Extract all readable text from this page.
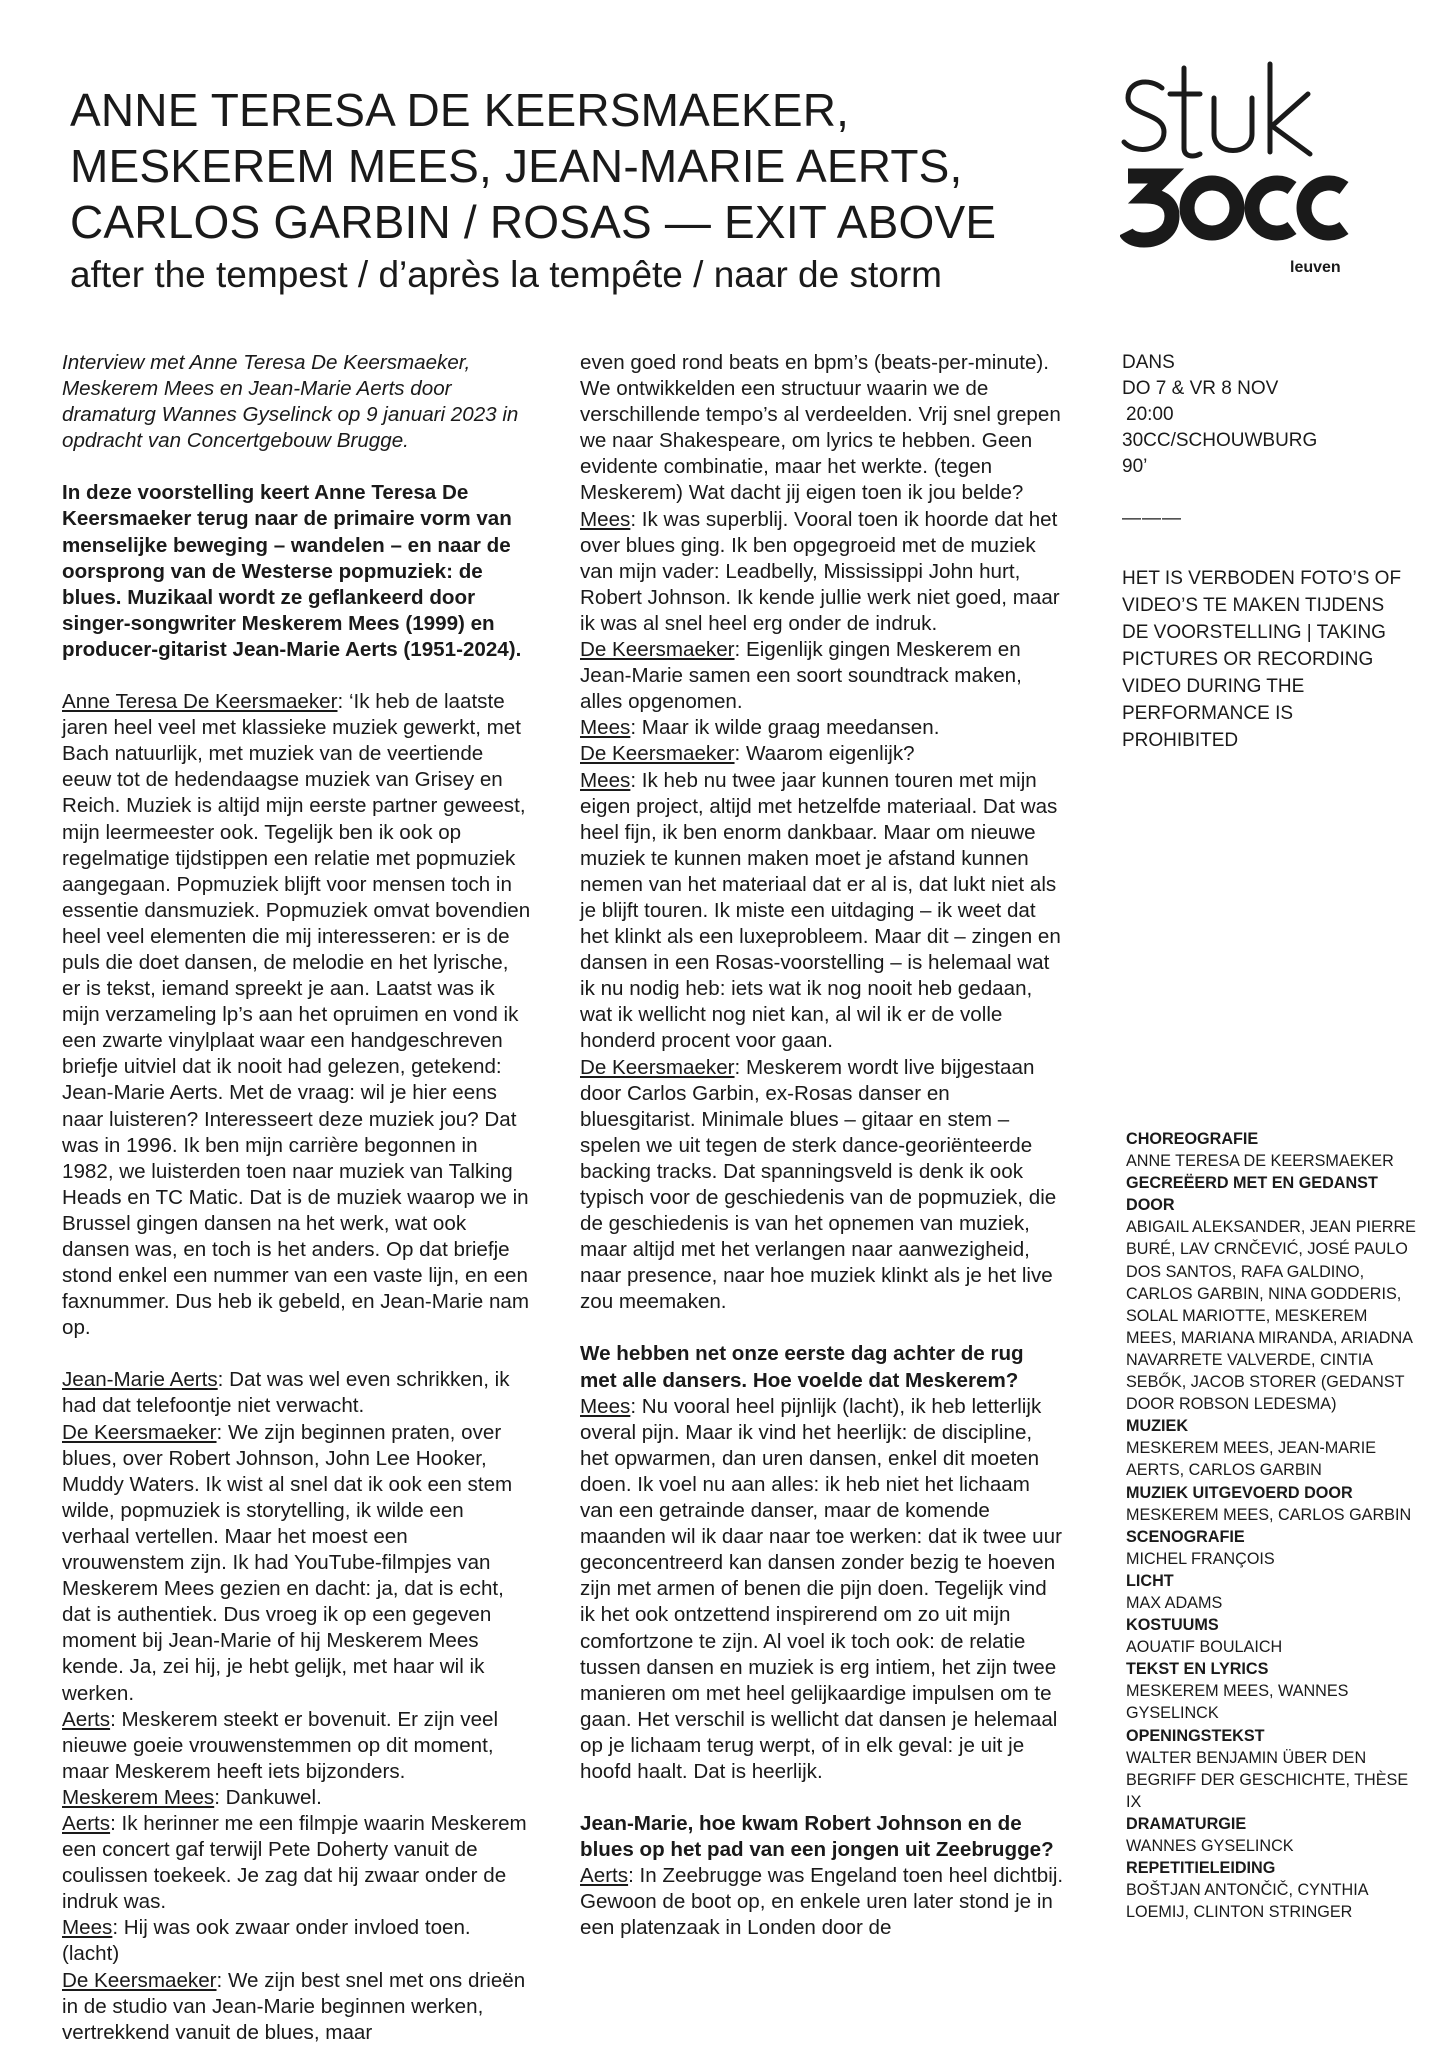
ANNE TERESA DE KEERSMAEKER,
MESKEREM MEES, JEAN-MARIE AERTS,
CARLOS GARBIN / ROSAS — EXIT ABOVE
after the tempest / d’après la tempête / naar de storm	leuven

DANS

DO 7 & VR 8 NOV

20:00

30CC/SCHOUWBURG

90’

———
HET IS VERBODEN FOTO’S OF VIDEO’S TE MAKEN TIJDENS DE VOORSTELLING | TAKING PICTURES OR RECORDING VIDEO DURING THE PERFORMANCE IS PROHIBITED

Interview met Anne Teresa De Keersmaeker, Meskerem Mees en Jean-Marie Aerts door dramaturg Wannes Gyselinck op 9 januari 2023 in opdracht van Concertgebouw Brugge.

In deze voorstelling keert Anne Teresa De Keersmaeker terug naar de primaire vorm van menselijke beweging – wandelen – en naar de oorsprong van de Westerse popmuziek: de blues. Muzikaal wordt ze geflankeerd door singer-songwriter Meskerem Mees (1999) en producer-gitarist Jean-Marie Aerts (1951-2024).

Anne Teresa De Keersmaeker: ‘Ik heb de laatste jaren heel veel met klassieke muziek gewerkt, met Bach natuurlijk, met muziek van de veertiende eeuw tot de hedendaagse muziek van Grisey en Reich. Muziek is altijd mijn eerste partner geweest, mijn leermeester ook. Tegelijk ben ik ook op regelmatige tijdstippen een relatie met popmuziek aangegaan. Popmuziek blijft voor mensen toch in essentie dansmuziek. Popmuziek omvat bovendien heel veel elementen die mij interesseren: er is de puls die doet dansen, de melodie en het lyrische, er is tekst, iemand spreekt je aan. Laatst was ik mijn verzameling lp’s aan het opruimen en vond ik een zwarte vinylplaat waar een handgeschreven briefje uitviel dat ik nooit had gelezen, getekend: Jean-Marie Aerts. Met de vraag: wil je hier eens naar luisteren? Interesseert deze muziek jou? Dat was in 1996. Ik ben mijn carrière begonnen in 1982, we luisterden toen naar muziek van Talking Heads en TC Matic. Dat is de muziek waarop we in Brussel gingen dansen na het werk, wat ook dansen was, en toch is het anders. Op dat briefje stond enkel een nummer van een vaste lijn, en een faxnummer. Dus heb ik gebeld, en Jean-Marie nam op.

Jean-Marie Aerts: Dat was wel even schrikken, ik had dat telefoontje niet verwacht.

De Keersmaeker: We zijn beginnen praten, over blues, over Robert Johnson, John Lee Hooker, Muddy Waters. Ik wist al snel dat ik ook een stem wilde, popmuziek is storytelling, ik wilde een verhaal vertellen. Maar het moest een vrouwenstem zijn. Ik had YouTube-filmpjes van Meskerem Mees gezien en dacht: ja, dat is echt, dat is authentiek. Dus vroeg ik op een gegeven moment bij Jean-Marie of hij Meskerem Mees kende. Ja, zei hij, je hebt gelijk, met haar wil ik werken.

Aerts: Meskerem steekt er bovenuit. Er zijn veel nieuwe goeie vrouwenstemmen op dit moment, maar Meskerem heeft iets bijzonders.

Meskerem Mees: Dankuwel.

Aerts: Ik herinner me een filmpje waarin Meskerem een concert gaf terwijl Pete Doherty vanuit de coulissen toekeek. Je zag dat hij zwaar onder de indruk was.

Mees: Hij was ook zwaar onder invloed toen. (lacht)

De Keersmaeker: We zijn best snel met ons drieën in de studio van Jean-Marie beginnen werken, vertrekkend vanuit de blues, maar

even goed rond beats en bpm’s (beats-per-minute). We ontwikkelden een structuur waarin we de verschillende tempo’s al verdeelden. Vrij snel grepen we naar Shakespeare, om lyrics te hebben. Geen evidente combinatie, maar het werkte. (tegen Meskerem) Wat dacht jij eigen toen ik jou belde?

Mees: Ik was superblij. Vooral toen ik hoorde dat het over blues ging. Ik ben opgegroeid met de muziek van mijn vader: Leadbelly, Mississippi John hurt, Robert Johnson. Ik kende jullie werk niet goed, maar ik was al snel heel erg onder de indruk.

De Keersmaeker: Eigenlijk gingen Meskerem en Jean-Marie samen een soort soundtrack maken, alles opgenomen.

Mees: Maar ik wilde graag meedansen.

De Keersmaeker: Waarom eigenlijk?

Mees: Ik heb nu twee jaar kunnen touren met mijn eigen project, altijd met hetzelfde materiaal. Dat was heel fijn, ik ben enorm dankbaar. Maar om nieuwe muziek te kunnen maken moet je afstand kunnen nemen van het materiaal dat er al is, dat lukt niet als je blijft touren. Ik miste een uitdaging – ik weet dat het klinkt als een luxeprobleem. Maar dit – zingen en dansen in een Rosas-voorstelling – is helemaal wat ik nu nodig heb: iets wat ik nog nooit heb gedaan, wat ik wellicht nog niet kan, al wil ik er de volle honderd procent voor gaan.

De Keersmaeker: Meskerem wordt live bijgestaan door Carlos Garbin, ex-Rosas danser en bluesgitarist. Minimale blues – gitaar en stem – spelen we uit tegen de sterk dance-georiënteerde backing tracks. Dat spanningsveld is denk ik ook typisch voor de geschiedenis van de popmuziek, die de geschiedenis is van het opnemen van muziek, maar altijd met het verlangen naar aanwezigheid, naar presence, naar hoe muziek klinkt als je het live zou meemaken.

We hebben net onze eerste dag achter de rug met alle dansers. Hoe voelde dat Meskerem?

Mees: Nu vooral heel pijnlijk (lacht), ik heb letterlijk overal pijn. Maar ik vind het heerlijk: de discipline, het opwarmen, dan uren dansen, enkel dit moeten doen. Ik voel nu aan alles: ik heb niet het lichaam van een getrainde danser, maar de komende maanden wil ik daar naar toe werken: dat ik twee uur geconcentreerd kan dansen zonder bezig te hoeven zijn met armen of benen die pijn doen. Tegelijk vind ik het ook ontzettend inspirerend om zo uit mijn comfortzone te zijn. Al voel ik toch ook: de relatie tussen dansen en muziek is erg intiem, het zijn twee manieren om met heel gelijkaardige impulsen om te gaan. Het verschil is wellicht dat dansen je helemaal op je lichaam terug werpt, of in elk geval: je uit je hoofd haalt. Dat is heerlijk.

Jean-Marie, hoe kwam Robert Johnson en de blues op het pad van een jongen uit Zeebrugge?

Aerts: In Zeebrugge was Engeland toen heel dichtbij. Gewoon de boot op, en enkele uren later stond je in een platenzaak in Londen door de

CHOREOGRAFIE
ANNE TERESA DE KEERSMAEKER
GECREËERD MET EN GEDANST DOOR
ABIGAIL ALEKSANDER, JEAN PIERRE BURÉ, LAV CRNČEVIĆ, JOSÉ PAULO DOS SANTOS, RAFA GALDINO, CARLOS GARBIN, NINA GODDERIS, SOLAL MARIOTTE, MESKEREM MEES, MARIANA MIRANDA, ARIADNA NAVARRETE VALVERDE, CINTIA SEBŐK, JACOB STORER (GEDANST DOOR ROBSON LEDESMA)
MUZIEK
MESKEREM MEES, JEAN-MARIE AERTS, CARLOS GARBIN
MUZIEK UITGEVOERD DOOR
MESKEREM MEES, CARLOS GARBIN
SCENOGRAFIE
MICHEL FRANÇOIS
LICHT
MAX ADAMS
KOSTUUMS
AOUATIF BOULAICH
TEKST EN LYRICS
MESKEREM MEES, WANNES GYSELINCK
OPENINGSTEKST
WALTER BENJAMIN ÜBER DEN BEGRIFF DER GESCHICHTE, THÈSE IX
DRAMATURGIE
WANNES GYSELINCK
REPETITIELEIDING
BOŠTJAN ANTONČIČ, CYNTHIA LOEMIJ, CLINTON STRINGER
